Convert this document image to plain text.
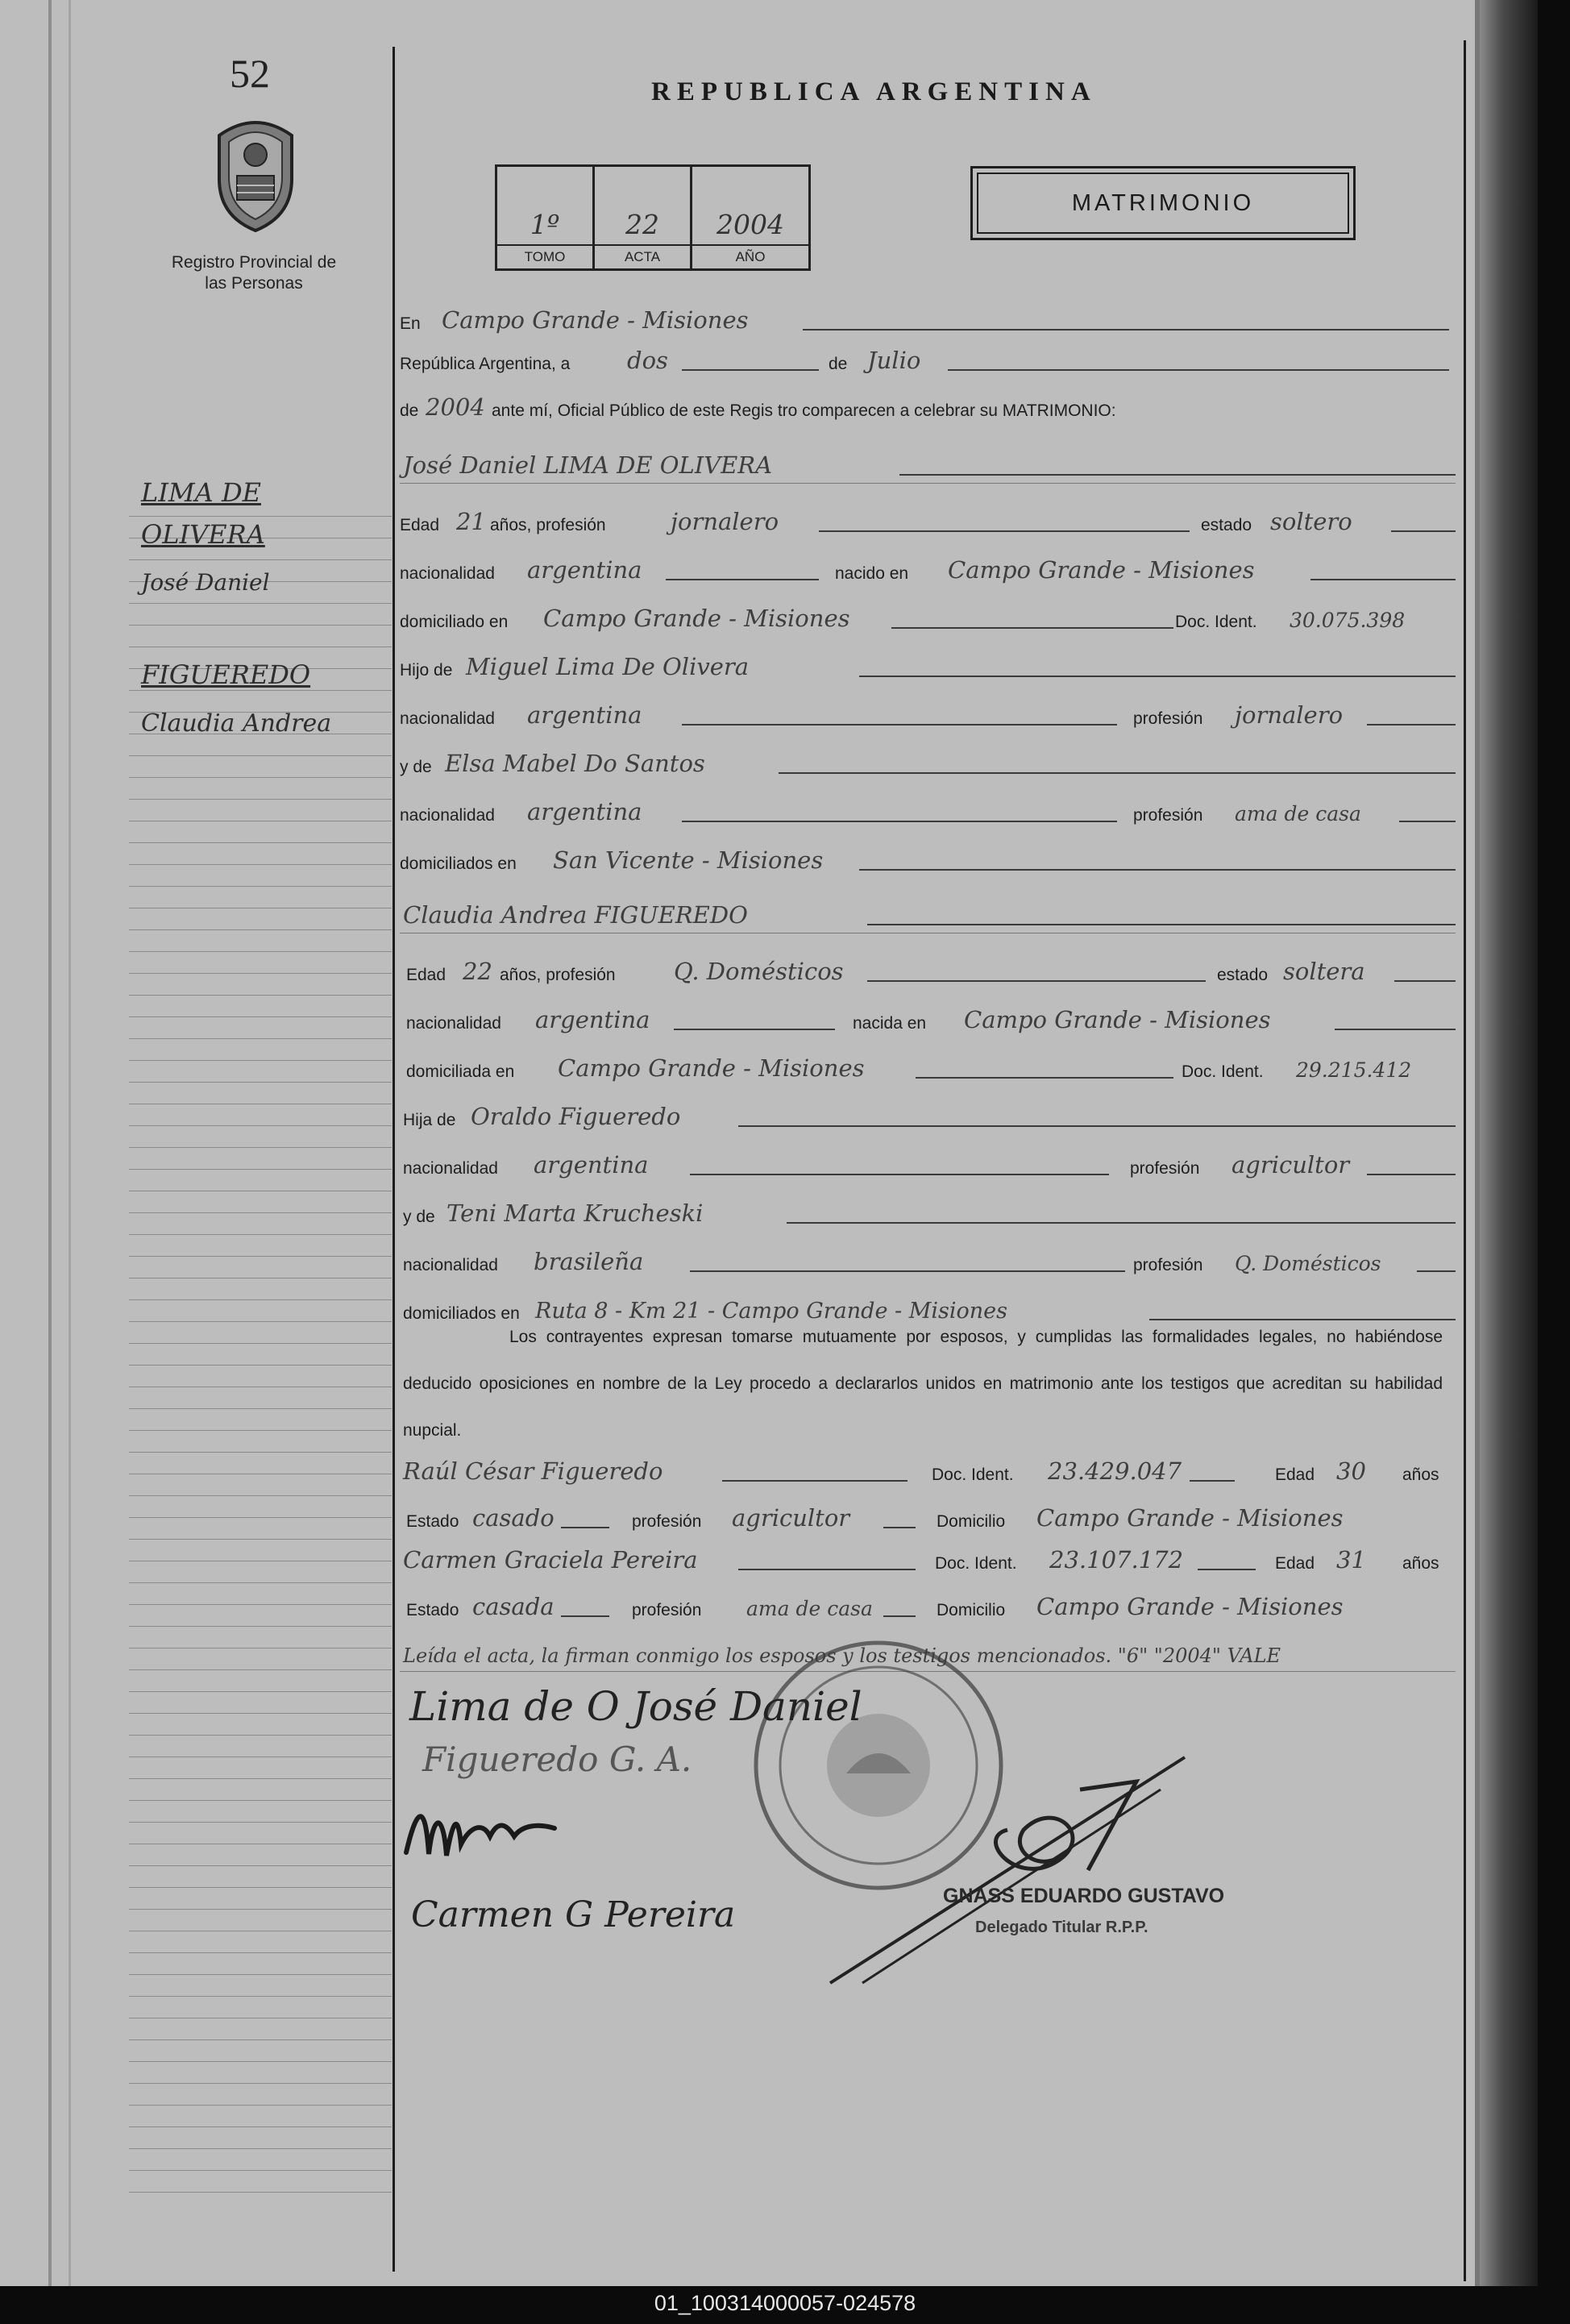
52
Registro Provincial de las Personas
REPUBLICA ARGENTINA
1º
TOMO
22
ACTA
2004
AÑO
MATRIMONIO
LIMA DE
OLIVERA
José Daniel
FIGUEREDO
Claudia Andrea
En Campo Grande - Misiones
República Argentina, a dos	de Julio
de 2004 ante mí, Oficial Público de este Regis tro comparecen a celebrar su MATRIMONIO:
José Daniel LIMA DE OLIVERA
Edad 21 años, profesión	jornalero	estado soltero
nacionalidad argentina	nacido en Campo Grande - Misiones
domiciliado en Campo Grande - Misiones	Doc. Ident. 30.075.398
Hijo de Miguel Lima De Olivera
nacionalidad argentina	profesión jornalero
y de Elsa Mabel Do Santos
nacionalidad argentina	profesión ama de casa
domiciliados en San Vicente - Misiones
Claudia Andrea FIGUEREDO
Edad 22 años, profesión Q. Domésticos	estado soltera
nacionalidad argentina	nacida en Campo Grande - Misiones
domiciliada en Campo Grande - Misiones	Doc. Ident. 29.215.412
Hija de Oraldo Figueredo
nacionalidad argentina	profesión agricultor
y de Teni Marta Krucheski
nacionalidad brasileña	profesión Q. Domésticos
domiciliados en Ruta 8 - Km 21 - Campo Grande - Misiones
Los contrayentes expresan tomarse mutuamente por esposos, y cumplidas las formalidades legales, no habiéndose deducido oposiciones en nombre de la Ley procedo a declararlos unidos en matrimonio ante los testigos que acreditan su habilidad nupcial.
Raúl César Figueredo	Doc. Ident. 23.429.047	Edad 30 años
Estado casado	profesión agricultor	Domicilio Campo Grande - Misiones
Carmen Graciela Pereira	Doc. Ident. 23.107.172	Edad 31 años
Estado casada	profesión ama de casa	Domicilio Campo Grande - Misiones
Leída el acta, la firman conmigo los esposos y los testigos mencionados. "6" "2004" VALE
Lima de O José Daniel
Figueredo G. A.
Carmen G Pereira	GNASS EDUARDO GUSTAVO
Delegado Titular R.P.P.
01_100314000057-024578
